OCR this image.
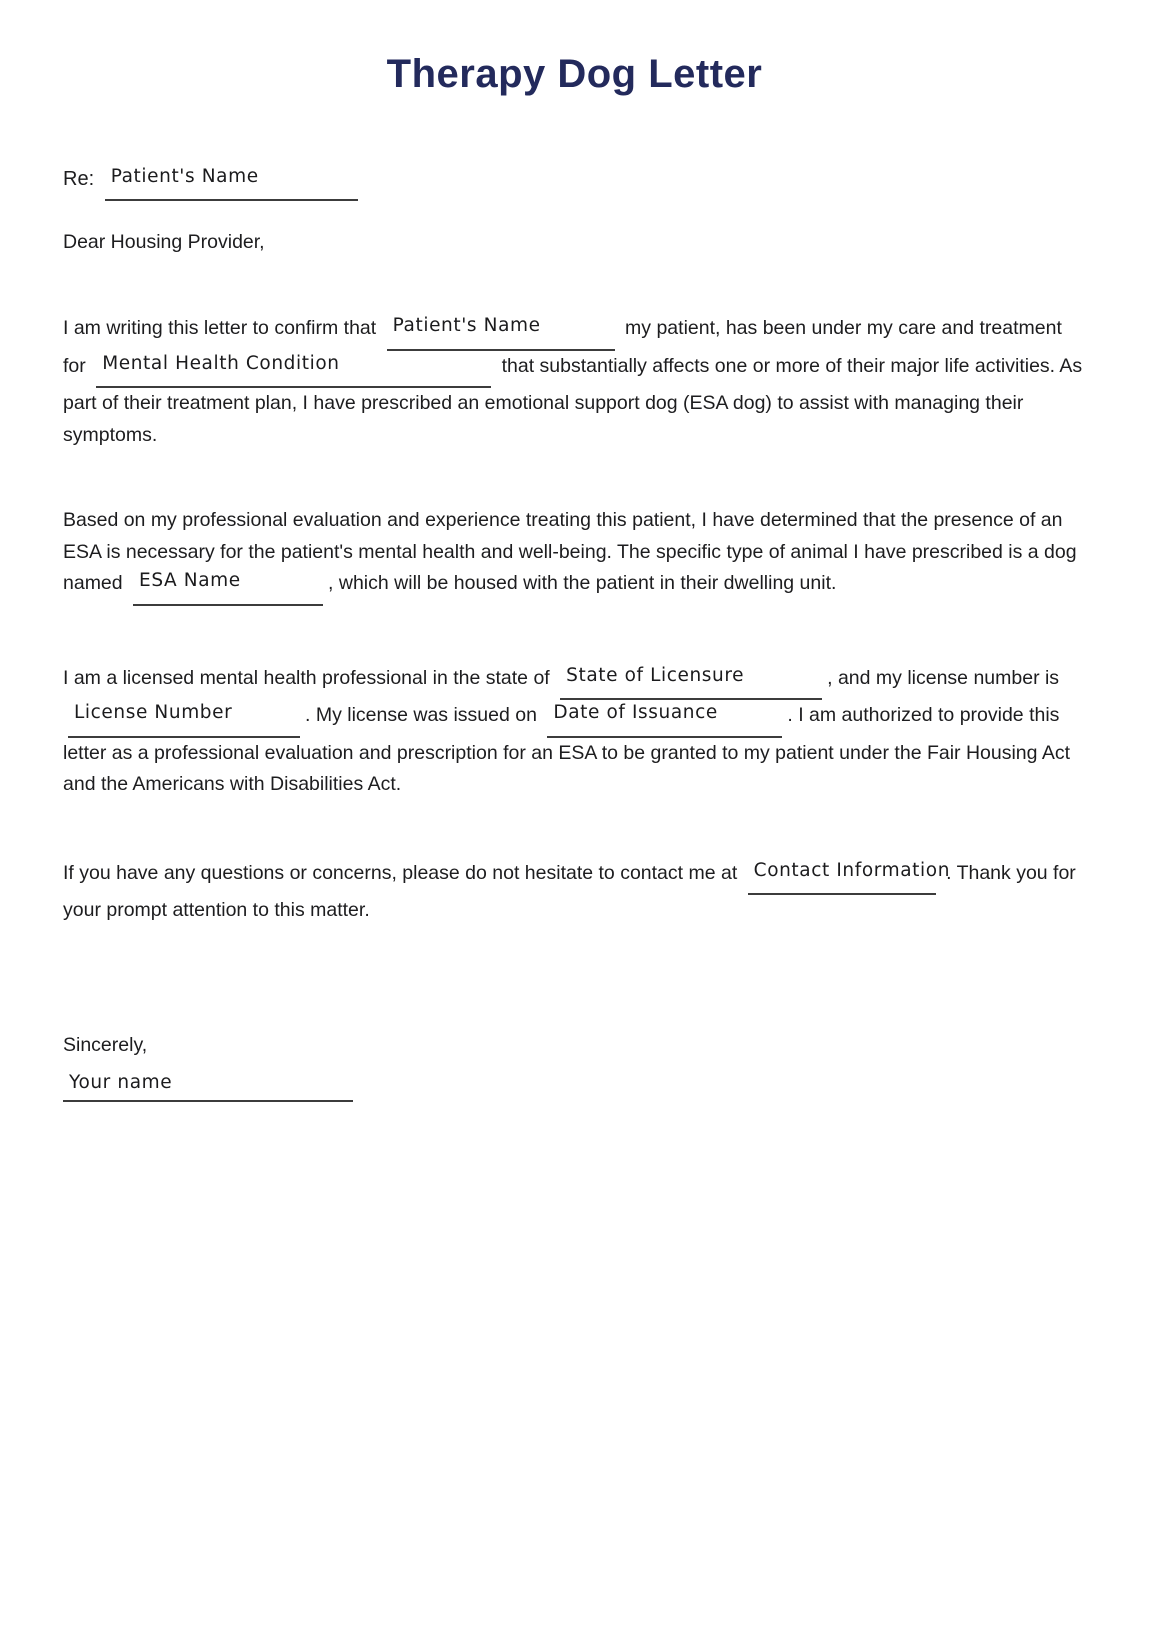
Therapy Dog Letter
Re: Patient's Name
Dear Housing Provider,

I am writing this letter to confirm that Patient's Name	my patient, has been under my care and treatment for Mental Health Condition	that substantially affects one or more of their major life activities. As part of their treatment plan, I have prescribed an emotional support dog (ESA dog) to assist with managing their symptoms.

Based on my professional evaluation and experience treating this patient, I have determined that the presence of an ESA is necessary for the patient's mental health and well-being. The specific type of animal I have prescribed is a dog named ESA Name	, which will be housed with the patient in their dwelling unit.

I am a licensed mental health professional in the state of State of Licensure	, and my license number is License Number	. My license was issued on Date of Issuance	. I am authorized to provide this letter as a professional evaluation and prescription for an ESA to be granted to my patient under the Fair Housing Act and the Americans with Disabilities Act.

If you have any questions or concerns, please do not hesitate to contact me at Contact Information . Thank you for your prompt attention to this matter.

Sincerely,
Your name
